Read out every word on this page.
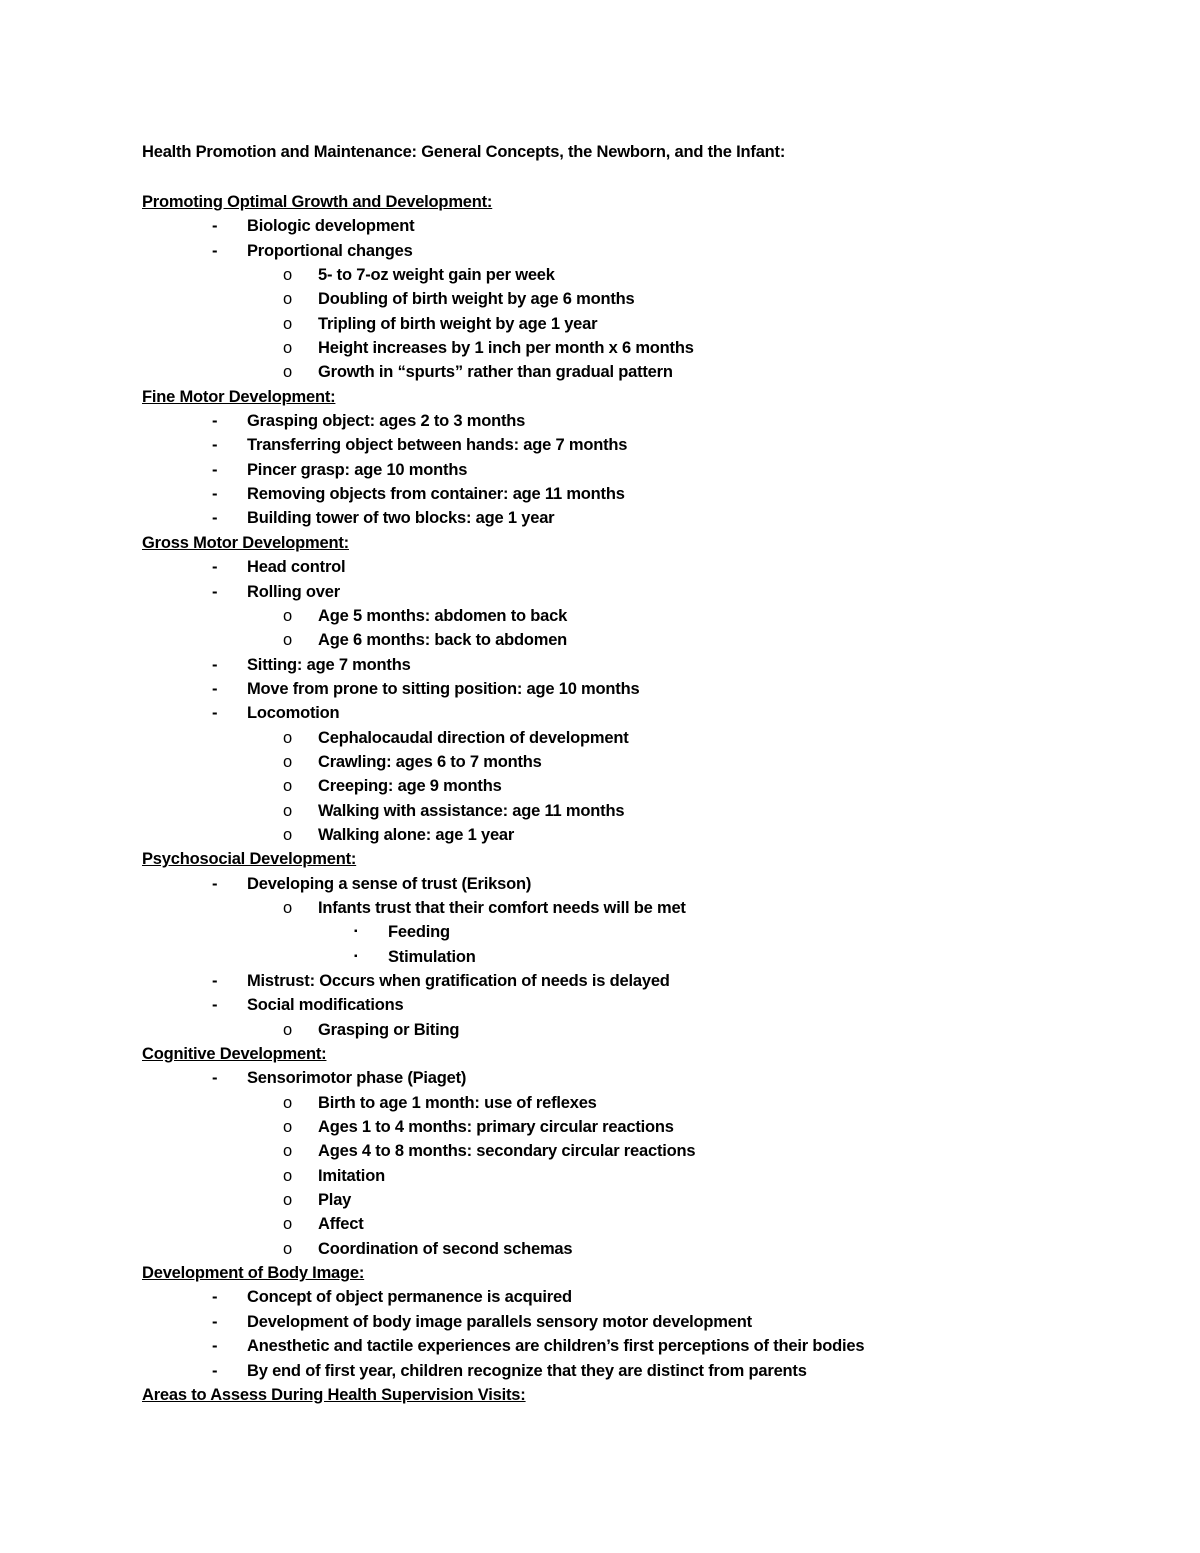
Health Promotion and Maintenance: General Concepts, the Newborn, and the Infant:
Promoting Optimal Growth and Development:
- Biologic development
- Proportional changes
o 5- to 7-oz weight gain per week
o Doubling of birth weight by age 6 months
o Tripling of birth weight by age 1 year
o Height increases by 1 inch per month x 6 months
o Growth in “spurts” rather than gradual pattern
Fine Motor Development:
- Grasping object: ages 2 to 3 months
- Transferring object between hands: age 7 months
- Pincer grasp: age 10 months
- Removing objects from container: age 11 months
- Building tower of two blocks: age 1 year
Gross Motor Development:
- Head control
- Rolling over
o Age 5 months: abdomen to back
o Age 6 months: back to abdomen
- Sitting: age 7 months
- Move from prone to sitting position: age 10 months
- Locomotion
o Cephalocaudal direction of development
o Crawling: ages 6 to 7 months
o Creeping: age 9 months
o Walking with assistance: age 11 months
o Walking alone: age 1 year
Psychosocial Development:
- Developing a sense of trust (Erikson)
o Infants trust that their comfort needs will be met
▪ Feeding
▪ Stimulation
- Mistrust: Occurs when gratification of needs is delayed
- Social modifications
o Grasping or Biting
Cognitive Development:
- Sensorimotor phase (Piaget)
o Birth to age 1 month: use of reflexes
o Ages 1 to 4 months: primary circular reactions
o Ages 4 to 8 months: secondary circular reactions
o Imitation
o Play
o Affect
o Coordination of second schemas
Development of Body Image:
- Concept of object permanence is acquired
- Development of body image parallels sensory motor development
- Anesthetic and tactile experiences are children’s first perceptions of their bodies
- By end of first year, children recognize that they are distinct from parents
Areas to Assess During Health Supervision Visits:
